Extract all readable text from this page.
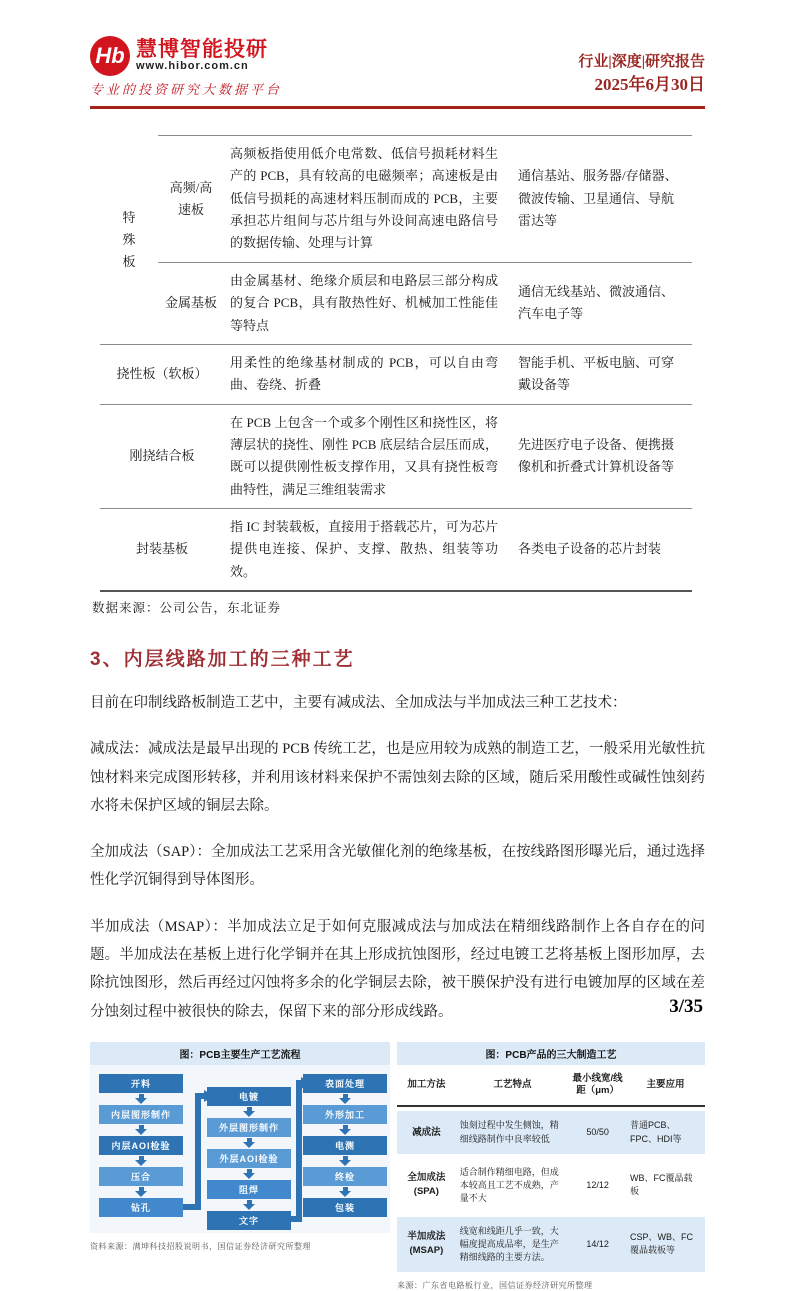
Hb 慧博智能投研
www.hibor.com.cn
专业的投资研究大数据平台
行业|深度|研究报告
2025年6月30日
特殊板	高频/高速板	高频板指使用低介电常数、低信号损耗材料生产的 PCB，具有较高的电磁频率；高速板是由低信号损耗的高速材料压制而成的 PCB，主要承担芯片组间与芯片组与外设间高速电路信号的数据传输、处理与计算	通信基站、服务器/存储器、微波传输、卫星通信、导航雷达等
	金属基板	由金属基材、绝缘介质层和电路层三部分构成的复合 PCB，具有散热性好、机械加工性能佳等特点	通信无线基站、微波通信、汽车电子等
挠性板（软板）		用柔性的绝缘基材制成的 PCB，可以自由弯曲、卷绕、折叠	智能手机、平板电脑、可穿戴设备等
刚挠结合板		在 PCB 上包含一个或多个刚性区和挠性区，将薄层状的挠性、刚性 PCB 底层结合层压而成，既可以提供刚性板支撑作用，又具有挠性板弯曲特性，满足三维组装需求	先进医疗电子设备、便携摄像机和折叠式计算机设备等
封装基板		指 IC 封装载板，直接用于搭载芯片，可为芯片提供电连接、保护、支撑、散热、组装等功效。	各类电子设备的芯片封装
数据来源：公司公告，东北证券
3、内层线路加工的三种工艺

目前在印制线路板制造工艺中，主要有减成法、全加成法与半加成法三种工艺技术：

减成法：减成法是最早出现的 PCB 传统工艺，也是应用较为成熟的制造工艺，一般采用光敏性抗蚀材料来完成图形转移，并利用该材料来保护不需蚀刻去除的区域，随后采用酸性或碱性蚀刻药水将未保护区域的铜层去除。

全加成法（SAP）：全加成法工艺采用含光敏催化剂的绝缘基板，在按线路图形曝光后，通过选择性化学沉铜得到导体图形。

半加成法（MSAP）：半加成法立足于如何克服减成法与加成法在精细线路制作上各自存在的问题。半加成法在基板上进行化学铜并在其上形成抗蚀图形，经过电镀工艺将基板上图形加厚，去除抗蚀图形，然后再经过闪蚀将多余的化学铜层去除，被干膜保护没有进行电镀加厚的区域在差分蚀刻过程中被很快的除去，保留下来的部分形成线路。

图：PCB主要生产工艺流程
开料
内层图形制作
内层AOI检验
压合
钻孔
电镀
外层图形制作
外层AOI检验
阻焊
文字
表面处理
外形加工
电测
终检
包装
资料来源：满坤科技招股说明书，国信证券经济研究所整理
图：PCB产品的三大制造工艺
加工方法	工艺特点	最小线宽/线距（μm）	主要应用

减成法	蚀刻过程中发生侧蚀，精细线路制作中良率较低	50/50	普通PCB、FPC、HDI等

全加成法
(SPA)	适合制作精细电路，但成本较高且工艺不成熟，产量不大	12/12	WB、FC覆晶载板

半加成法
(MSAP)	线宽和线距几乎一致，大幅度提高成品率，是生产精细线路的主要方法。	14/12	CSP、WB、FC覆晶载板等
来源：广东省电路板行业，国信证券经济研究所整理
3/35
